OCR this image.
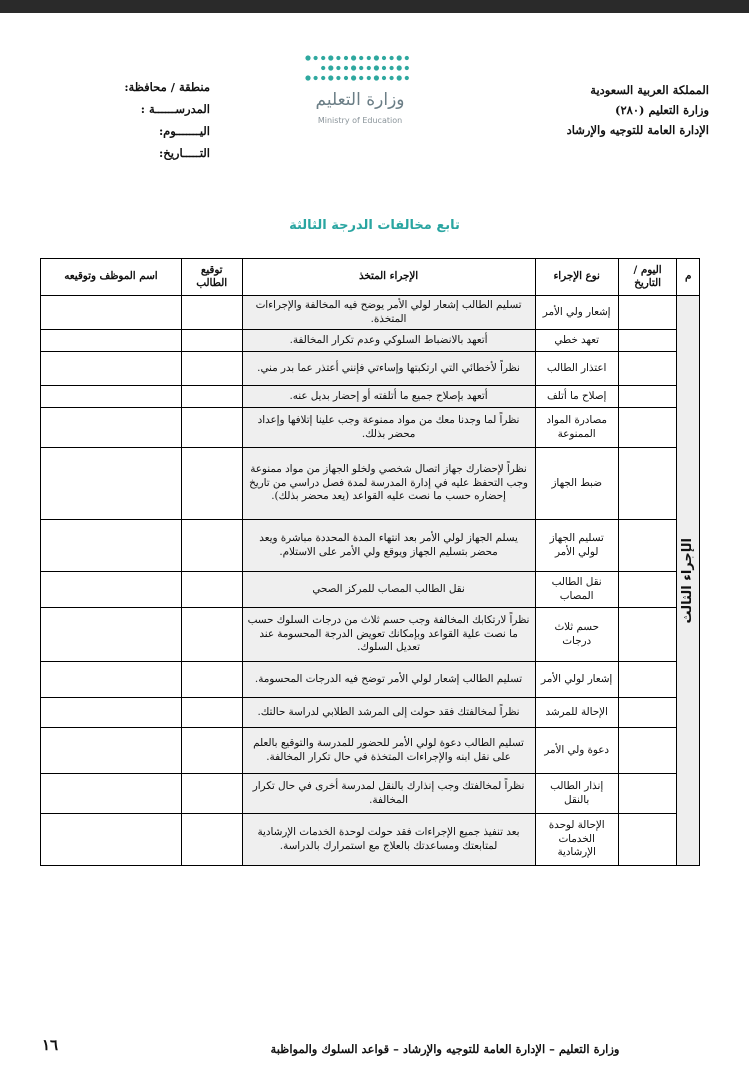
المملكة العربية السعودية
وزارة التعليم (٢٨٠)
الإدارة العامة للتوجيه والإرشاد
وزارة التعليم
Ministry of Education
منطقة / محافظة:
المدرســــــة :
اليـــــــوم:
التـــــاريخ:
تابع مخالفات الدرجة الثالثة
م	اليوم / التاريخ	نوع الإجراء	الإجراء المتخذ	توقيع الطالب	اسم الموظف وتوقيعه

الإجراء الثالث		إشعار ولي الأمر	تسليم الطالب إشعار لولي الأمر يوضح فيه المخالفة والإجراءات المتخذة.		
		تعهد خطي	أتعهد بالانضباط السلوكي وعدم تكرار المخالفة.		
		اعتذار الطالب	نظراً لأخطائي التي ارتكبتها وإساءتي فإنني أعتذر عما بدر مني.		
		إصلاح ما أتلف	أتعهد بإصلاح جميع ما أتلفته أو إحضار بديل عنه.		
		مصادرة المواد الممنوعة	نظراً لما وجدنا معك من مواد ممنوعة وجب علينا إتلافها وإعداد محضر بذلك.		
		ضبط الجهاز	نظراً لإحضارك جهاز اتصال شخصي ولخلو الجهاز من مواد ممنوعة وجب التحفظ عليه في إدارة المدرسة لمدة فصل دراسي من تاريخ إحضاره حسب ما نصت عليه القواعد (يعد محضر بذلك).		
		تسليم الجهاز لولي الأمر	يسلم الجهاز لولي الأمر بعد انتهاء المدة المحددة مباشرة ويعد محضر بتسليم الجهاز ويوقع ولي الأمر على الاستلام.		
		نقل الطالب المصاب	نقل الطالب المصاب للمركز الصحي		
		حسم ثلاث درجات	نظراً لارتكابك المخالفة وجب حسم ثلاث من درجات السلوك حسب ما نصت علية القواعد وبإمكانك تعويض الدرجة المحسومة عند تعديل السلوك.		
		إشعار لولي الأمر	تسليم الطالب إشعار لولي الأمر توضح فيه الدرجات المحسومة.		
		الإحالة للمرشد	نظراً لمخالفتك فقد حولت إلى المرشد الطلابي لدراسة حالتك.		
		دعوة ولي الأمر	تسليم الطالب دعوة لولي الأمر للحضور للمدرسة والتوقيع بالعلم على نقل ابنه والإجراءات المتخذة في حال تكرار المخالفة.		
		إنذار الطالب بالنقل	نظراً لمخالفتك وجب إنذارك بالنقل لمدرسة أخرى في حال تكرار المخالفة.		
		الإحالة لوحدة الخدمات الإرشادية	بعد تنفيذ جميع الإجراءات فقد حولت لوحدة الخدمات الإرشادية لمتابعتك ومساعدتك بالعلاج مع استمرارك بالدراسة.		
وزارة التعليم – الإدارة العامة للتوجيه والإرشاد – قواعد السلوك والمواظبة
١٦
